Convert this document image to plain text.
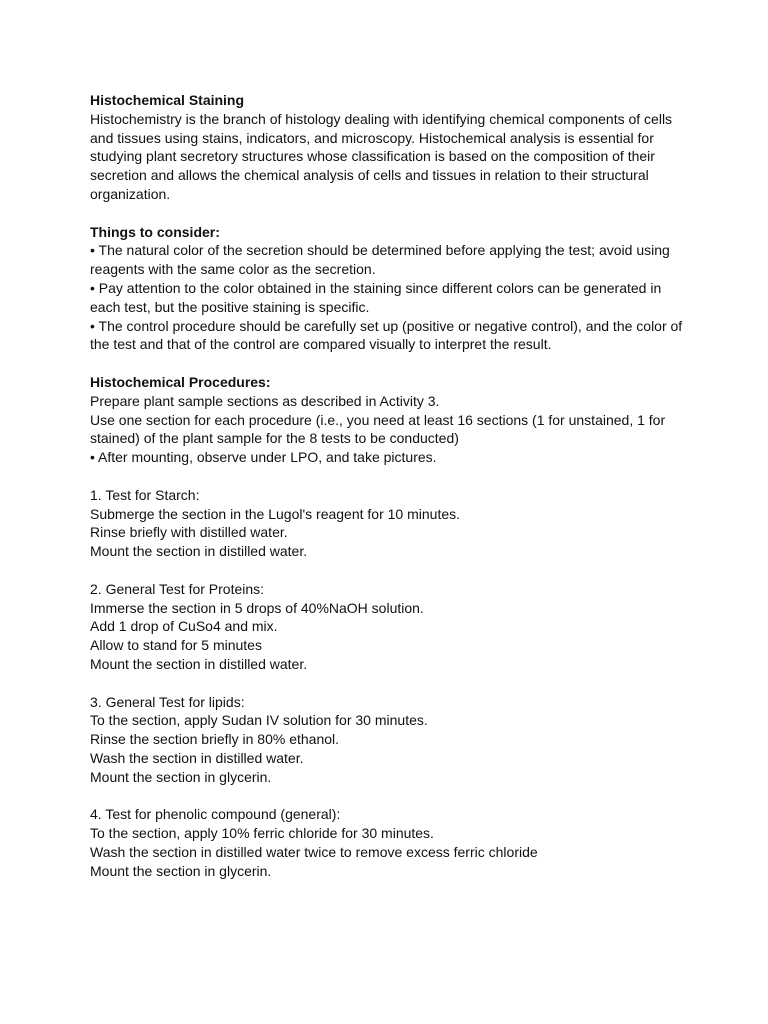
Histochemical Staining

Histochemistry is the branch of histology dealing with identifying chemical components of cells and tissues using stains, indicators, and microscopy. Histochemical analysis is essential for studying plant secretory structures whose classification is based on the composition of their secretion and allows the chemical analysis of cells and tissues in relation to their structural organization.

Things to consider:

• The natural color of the secretion should be determined before applying the test; avoid using reagents with the same color as the secretion.

• Pay attention to the color obtained in the staining since different colors can be generated in each test, but the positive staining is specific.

• The control procedure should be carefully set up (positive or negative control), and the color of the test and that of the control are compared visually to interpret the result.

Histochemical Procedures:

Prepare plant sample sections as described in Activity 3.

Use one section for each procedure (i.e., you need at least 16 sections (1 for unstained, 1 for stained) of the plant sample for the 8 tests to be conducted)

• After mounting, observe under LPO, and take pictures.

1. Test for Starch:

Submerge the section in the Lugol's reagent for 10 minutes.

Rinse briefly with distilled water.

Mount the section in distilled water.

2. General Test for Proteins:

Immerse the section in 5 drops of 40%NaOH solution.

Add 1 drop of CuSo4 and mix.

Allow to stand for 5 minutes

Mount the section in distilled water.

3. General Test for lipids:

To the section, apply Sudan IV solution for 30 minutes.

Rinse the section briefly in 80% ethanol.

Wash the section in distilled water.

Mount the section in glycerin.

4. Test for phenolic compound (general):

To the section, apply 10% ferric chloride for 30 minutes.

Wash the section in distilled water twice to remove excess ferric chloride

Mount the section in glycerin.
